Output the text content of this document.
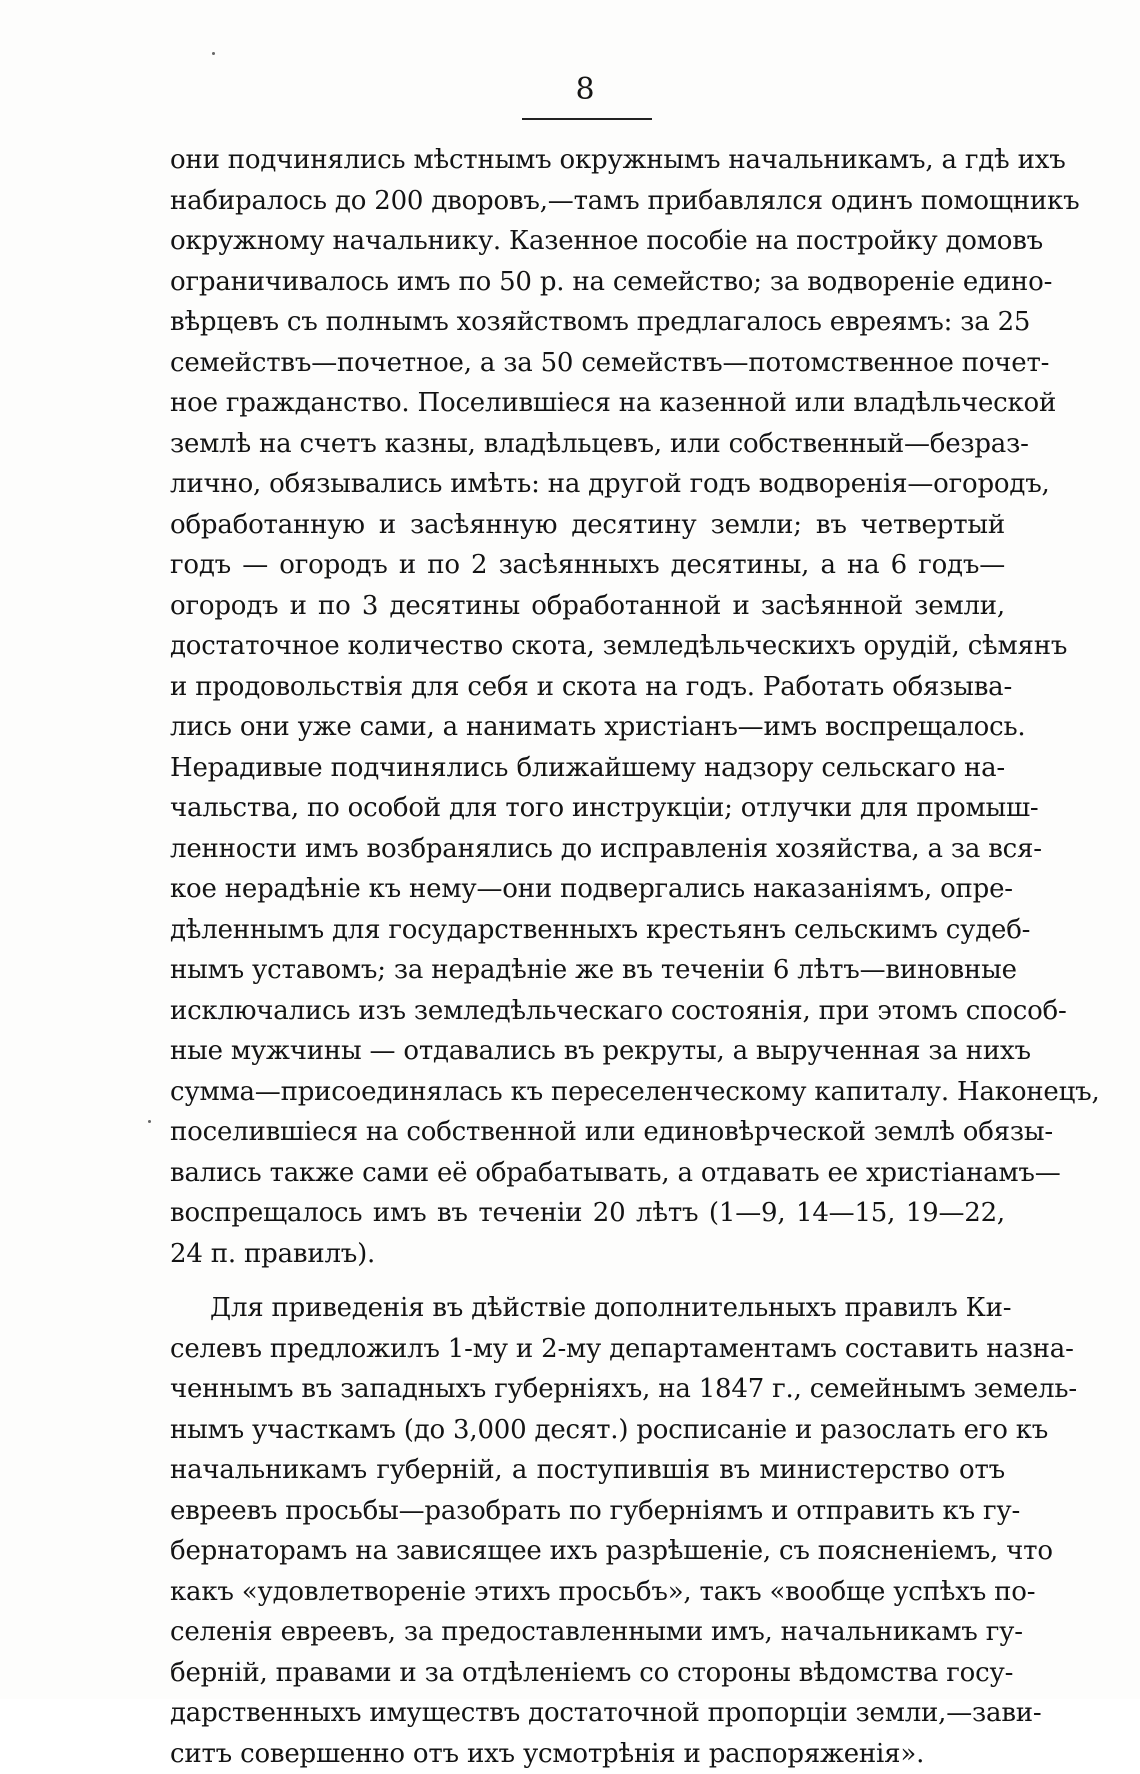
8
они подчинялись мѣстнымъ окружнымъ начальникамъ, а гдѣ ихъ
набиралось до 200 дворовъ,—тамъ прибавлялся одинъ помощникъ
окружному начальнику. Казенное пособіе на постройку домовъ
ограничивалось имъ по 50 р. на семейство; за водвореніе едино-
вѣрцевъ съ полнымъ хозяйствомъ предлагалось евреямъ: за 25
семействъ—почетное, а за 50 семействъ—потомственное почет-
ное гражданство. Поселившіеся на казенной или владѣльческой
землѣ на счетъ казны, владѣльцевъ, или собственный—безраз-
лично, обязывались имѣть: на другой годъ водворенія—огородъ,
обработанную и засѣянную десятину земли; въ четвертый
годъ — огородъ и по 2 засѣянныхъ десятины, а на 6 годъ—
огородъ и по 3 десятины обработанной и засѣянной земли,
достаточное количество скота, земледѣльческихъ орудій, сѣмянъ
и продовольствія для себя и скота на годъ. Работать обязыва-
лись они уже сами, а нанимать христіанъ—имъ воспрещалось.
Нерадивые подчинялись ближайшему надзору сельскаго на-
чальства, по особой для того инструкціи; отлучки для промыш-
ленности имъ возбранялись до исправленія хозяйства, а за вся-
кое нерадѣніе къ нему—они подвергались наказаніямъ, опре-
дѣленнымъ для государственныхъ крестьянъ сельскимъ судеб-
нымъ уставомъ; за нерадѣніе же въ теченіи 6 лѣтъ—виновные
исключались изъ земледѣльческаго состоянія, при этомъ способ-
ные мужчины — отдавались въ рекруты, а вырученная за нихъ
сумма—присоединялась къ переселенческому капиталу. Наконецъ,
поселившіеся на собственной или единовѣрческой землѣ обязы-
вались также сами её обрабатывать, а отдавать ее христіанамъ—
воспрещалось имъ въ теченіи 20 лѣтъ (1—9, 14—15, 19—22,
24 п. правилъ).
Для приведенія въ дѣйствіе дополнительныхъ правилъ Ки-
селевъ предложилъ 1-му и 2-му департаментамъ составить назна-
ченнымъ въ западныхъ губерніяхъ, на 1847 г., семейнымъ земель-
нымъ участкамъ (до 3,000 десят.) росписаніе и разослать его къ
начальникамъ губерній, а поступившія въ министерство отъ
евреевъ просьбы—разобрать по губерніямъ и отправить къ гу-
бернаторамъ на зависящее ихъ разрѣшеніе, съ поясненіемъ, что
какъ «удовлетвореніе этихъ просьбъ», такъ «вообще успѣхъ по-
селенія евреевъ, за предоставленными имъ, начальникамъ гу-
берній, правами и за отдѣленіемъ со стороны вѣдомства госу-
дарственныхъ имуществъ достаточной пропорціи земли,—зави-
ситъ совершенно отъ ихъ усмотрѣнія и распоряженія».
